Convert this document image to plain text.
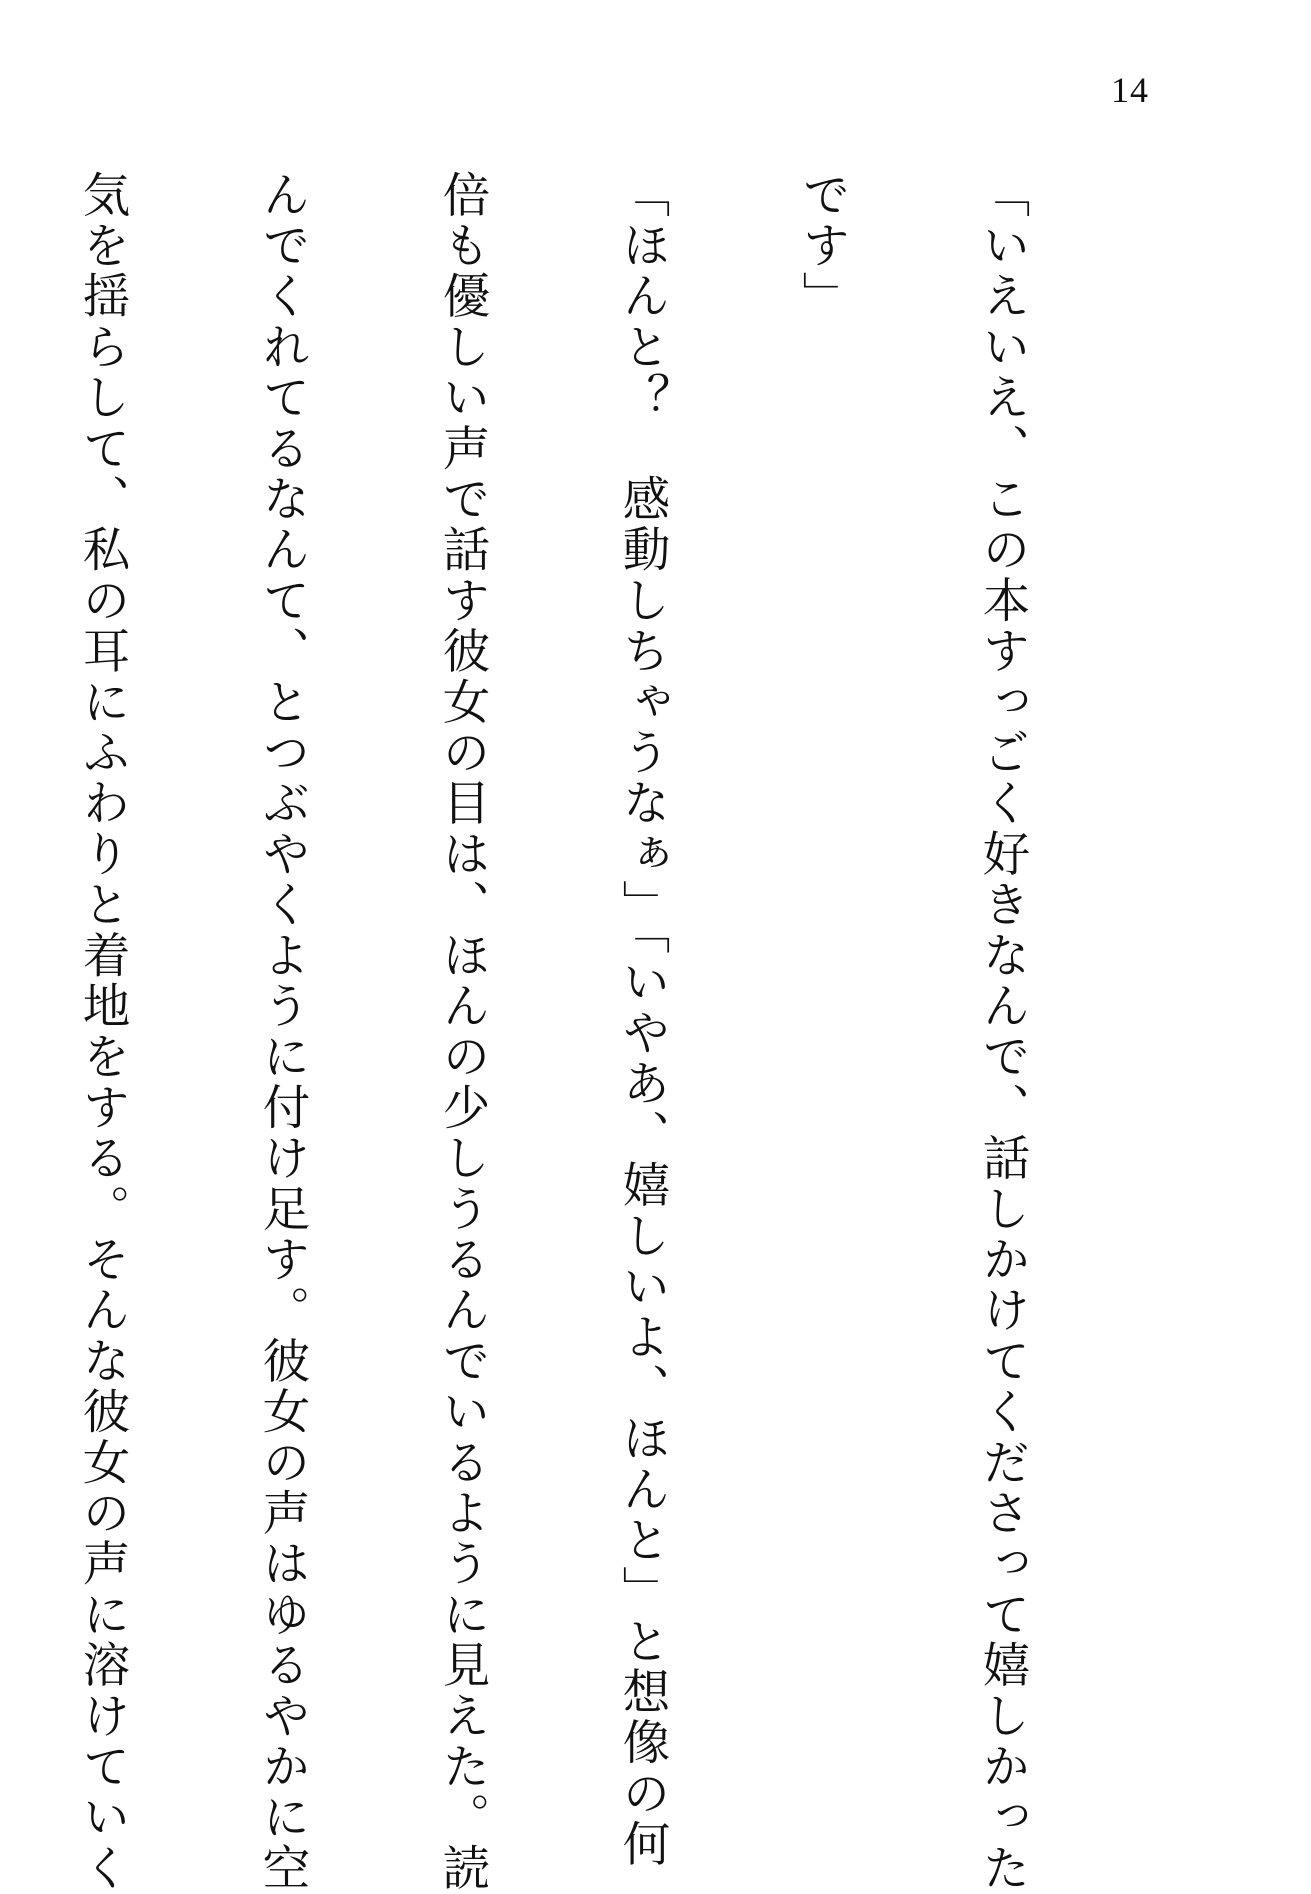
14

「いえいえ、この本すっごく好きなんで、話しかけてくださって嬉しかった

です」

「ほんと？　感動しちゃうなぁ」「いやあ、嬉しいよ、ほんと」と想像の何

倍も優しい声で話す彼女の目は、ほんの少しうるんでいるように見えた。読

んでくれてるなんて、とつぶやくように付け足す。彼女の声はゆるやかに空

気を揺らして、私の耳にふわりと着地をする。そんな彼女の声に溶けていく
